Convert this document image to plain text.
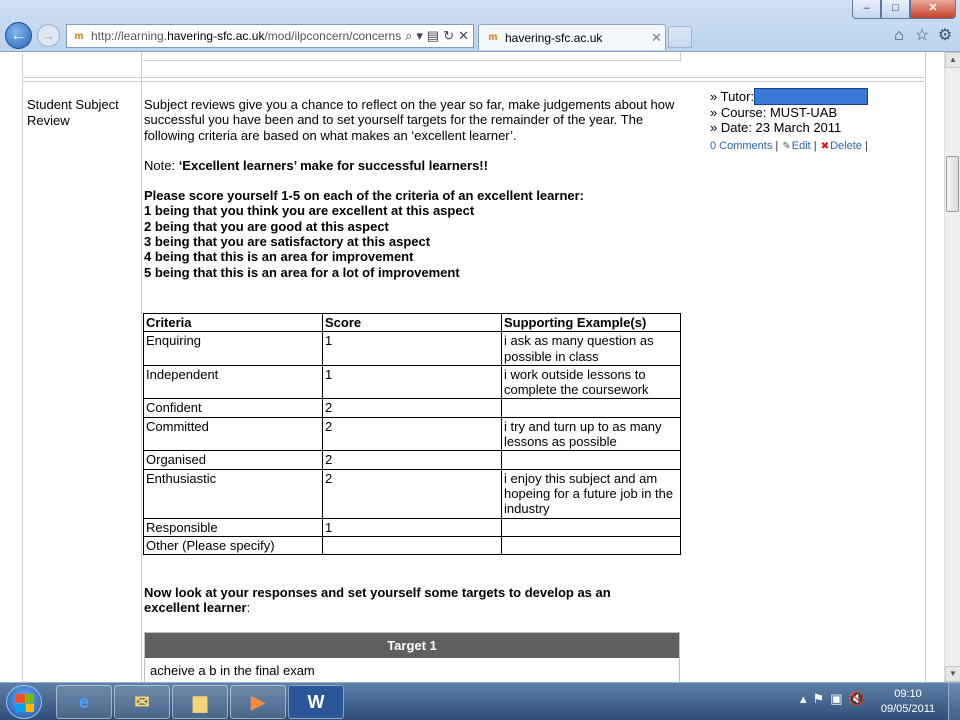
–	□	✕
←	→	m http://learning.havering-sfc.ac.uk/mod/ilpconcern/concerns ⌕ ▾ ▤ ↻ ✕	m havering-sfc.ac.uk	✕	⌂ ☆ ⚙
Student Subject Review

Subject reviews give you a chance to reflect on the year so far, make judgements about how successful you have been and to set yourself targets for the remainder of the year. The following criteria are based on what makes an ‘excellent learner’.

Note: ‘Excellent learners’ make for successful learners!!

Please score yourself 1-5 on each of the criteria of an excellent learner:

1 being that you think you are excellent at this aspect

2 being that you are good at this aspect

3 being that you are satisfactory at this aspect

4 being that this is an area for improvement

5 being that this is an area for a lot of improvement

Criteria	Score	Supporting Example(s)
Enquiring	1	i ask as many question as possible in class
Independent	1	i work outside lessons to complete the coursework
Confident	2	
Committed	2	i try and turn up to as many lessons as possible
Organised	2	
Enthusiastic	2	i enjoy this subject and am hopeing for a future job in the industry
Responsible	1	
Other (Please specify)		

Now look at your responses and set yourself some targets to develop as an excellent learner:

Target 1
acheive a b in the final exam
» Tutor:
» Course: MUST-UAB
» Date: 23 March 2011
0 Comments | ✎Edit | ✖Delete |
▲
▼
e	✉	▆	▶	W	▴ ⚑ ▣ 🔇	09:10
09/05/2011
